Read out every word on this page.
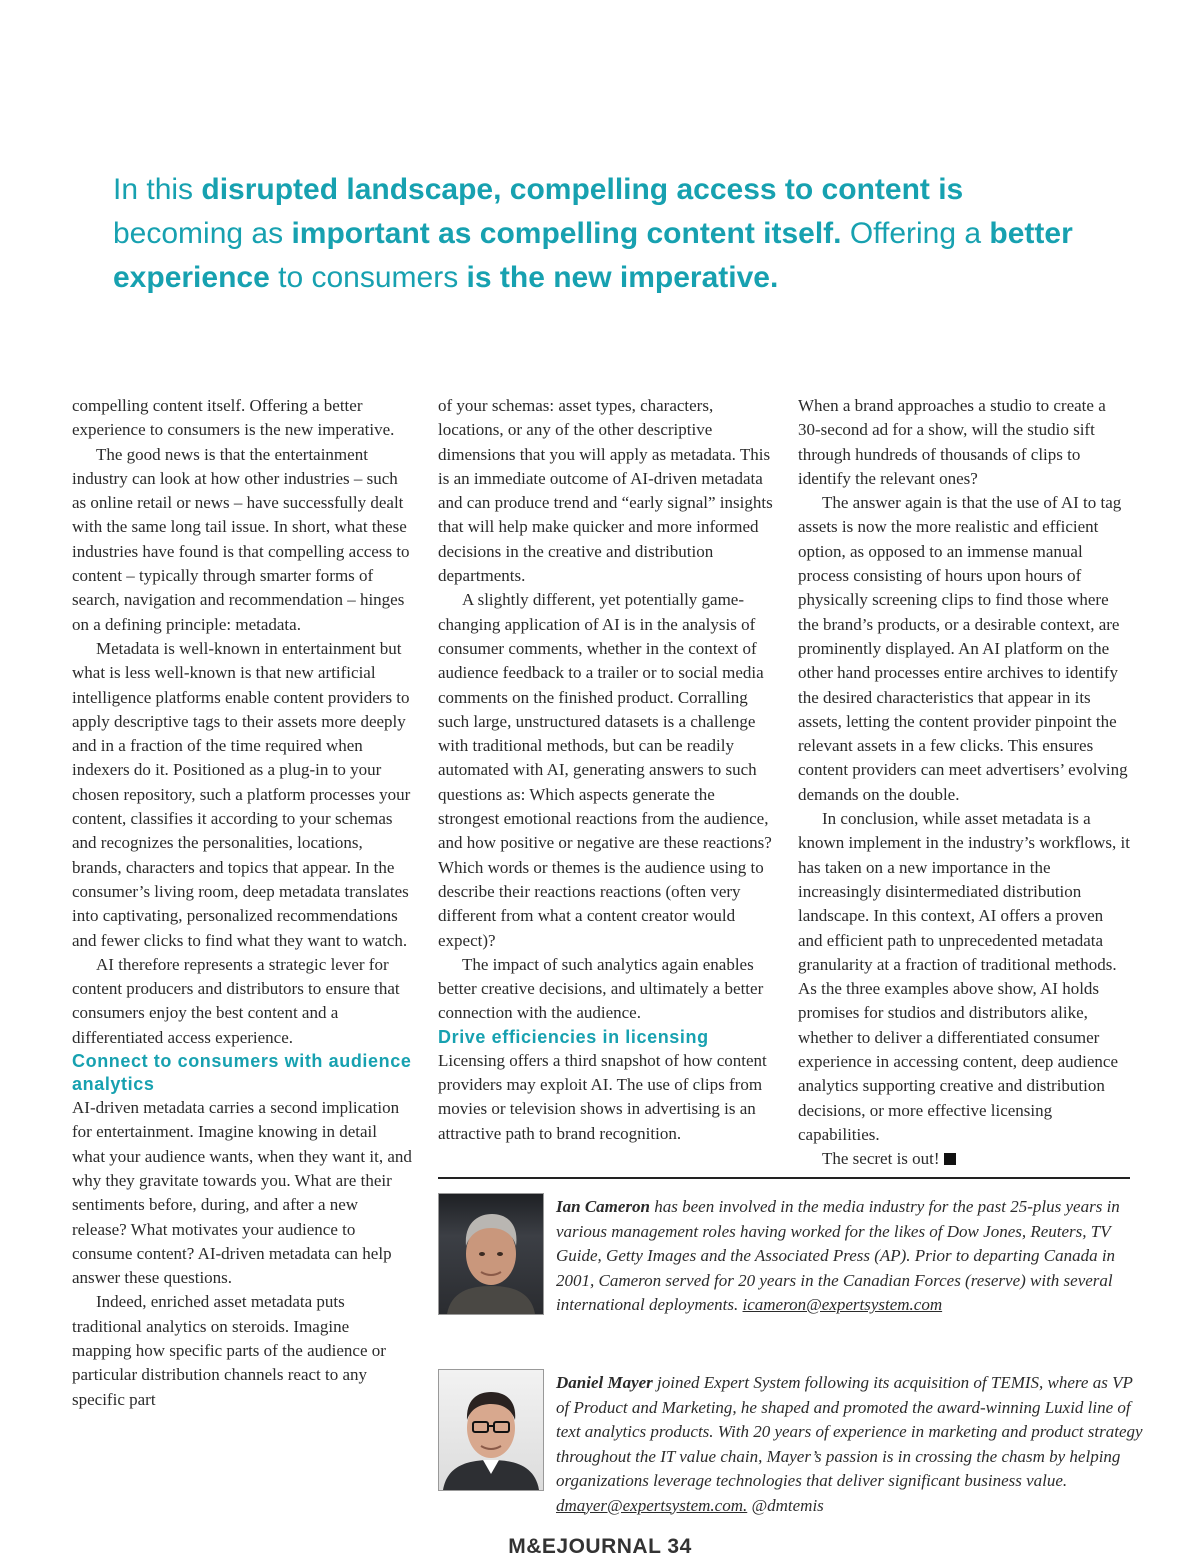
In this disrupted landscape, compelling access to content is becoming as important as compelling content itself. Offering a better experience to consumers is the new imperative.

compelling content itself. Offering a better experience to consumers is the new imperative.

The good news is that the entertainment industry can look at how other industries – such as online retail or news – have successfully dealt with the same long tail issue. In short, what these industries have found is that compelling access to content – typically through smarter forms of search, navigation and recommendation – hinges on a defining principle: metadata.

Metadata is well-known in entertainment but what is less well-known is that new artificial intelligence platforms enable content providers to apply descriptive tags to their assets more deeply and in a fraction of the time required when indexers do it. Positioned as a plug-in to your chosen repository, such a platform processes your content, classifies it according to your schemas and recognizes the personalities, locations, brands, characters and topics that appear. In the consumer’s living room, deep metadata translates into captivating, personalized recommendations and fewer clicks to find what they want to watch.

AI therefore represents a strategic lever for content producers and distributors to ensure that consumers enjoy the best content and a differentiated access experience.

Connect to consumers with audience analytics

AI-driven metadata carries a second implication for entertainment. Imagine knowing in detail what your audience wants, when they want it, and why they gravitate towards you. What are their sentiments before, during, and after a new release? What motivates your audience to consume content? AI-driven metadata can help answer these questions.

Indeed, enriched asset metadata puts traditional analytics on steroids. Imagine mapping how specific parts of the audience or particular distribution channels react to any specific part

of your schemas: asset types, characters, locations, or any of the other descriptive dimensions that you will apply as metadata. This is an immediate outcome of AI-driven metadata and can produce trend and “early signal” insights that will help make quicker and more informed decisions in the creative and distribution departments.

A slightly different, yet potentially game-changing application of AI is in the analysis of consumer comments, whether in the context of audience feedback to a trailer or to social media comments on the finished product. Corralling such large, unstructured datasets is a challenge with traditional methods, but can be readily automated with AI, generating answers to such questions as: Which aspects generate the strongest emotional reactions from the audience, and how positive or negative are these reactions? Which words or themes is the audience using to describe their reactions reactions (often very different from what a content creator would expect)?

The impact of such analytics again enables better creative decisions, and ultimately a better connection with the audience.

Drive efficiencies in licensing

Licensing offers a third snapshot of how content providers may exploit AI. The use of clips from movies or television shows in advertising is an attractive path to brand recognition.

When a brand approaches a studio to create a 30-second ad for a show, will the studio sift through hundreds of thousands of clips to identify the relevant ones?

The answer again is that the use of AI to tag assets is now the more realistic and efficient option, as opposed to an immense manual process consisting of hours upon hours of physically screening clips to find those where the brand’s products, or a desirable context, are prominently displayed. An AI platform on the other hand processes entire archives to identify the desired characteristics that appear in its assets, letting the content provider pinpoint the relevant assets in a few clicks. This ensures content providers can meet advertisers’ evolving demands on the double.

In conclusion, while asset metadata is a known implement in the industry’s workflows, it has taken on a new importance in the increasingly disintermediated distribution landscape. In this context, AI offers a proven and efficient path to unprecedented metadata granularity at a fraction of traditional methods. As the three examples above show, AI holds promises for studios and distributors alike, whether to deliver a differentiated consumer experience in accessing content, deep audience analytics supporting creative and distribution decisions, or more effective licensing capabilities.

The secret is out!

Ian Cameron has been involved in the media industry for the past 25-plus years in various management roles having worked for the likes of Dow Jones, Reuters, TV Guide, Getty Images and the Associated Press (AP). Prior to departing Canada in 2001, Cameron served for 20 years in the Canadian Forces (reserve) with several international deployments. icameron@expertsystem.com
Daniel Mayer joined Expert System following its acquisition of TEMIS, where as VP of Product and Marketing, he shaped and promoted the award-winning Luxid line of text analytics products. With 20 years of experience in marketing and product strategy throughout the IT value chain, Mayer’s passion is in crossing the chasm by helping organizations leverage technologies that deliver significant business value. dmayer@expertsystem.com. @dmtemis
M&EJOURNAL 34
